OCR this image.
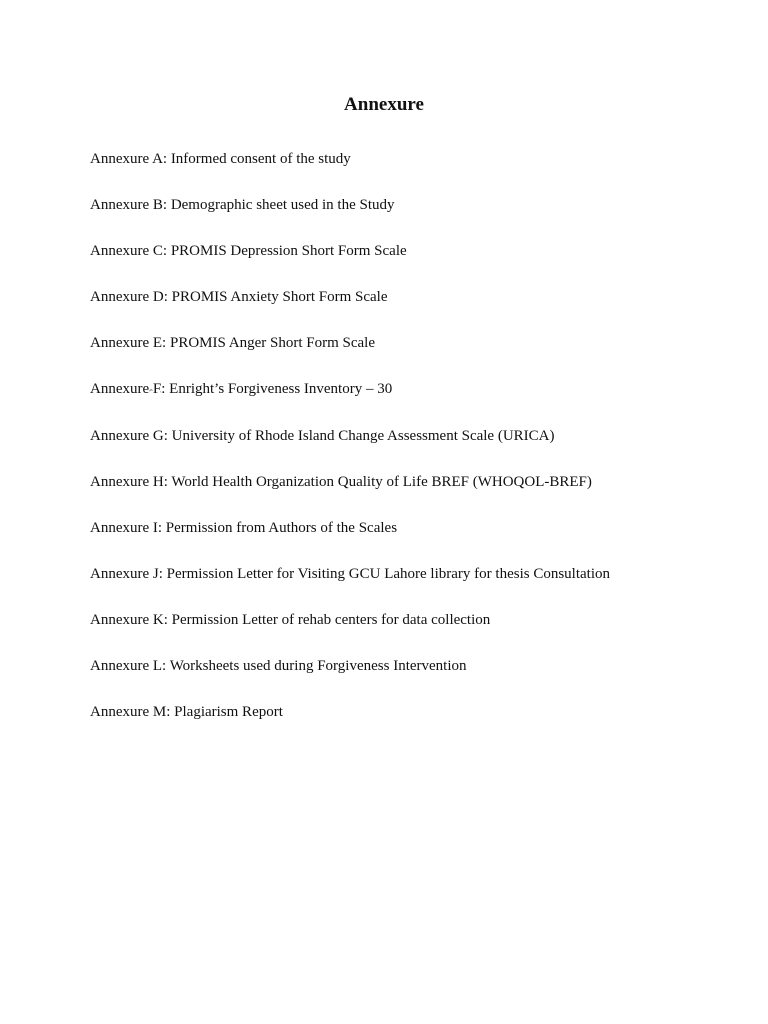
Annexure
Annexure A: Informed consent of the study
Annexure B: Demographic sheet used in the Study
Annexure C: PROMIS Depression Short Form Scale
Annexure D: PROMIS Anxiety Short Form Scale
Annexure E: PROMIS Anger Short Form Scale
Annexure F: Enright’s Forgiveness Inventory – 30
Annexure G: University of Rhode Island Change Assessment Scale (URICA)
Annexure H: World Health Organization Quality of Life BREF (WHOQOL-BREF)
Annexure I: Permission from Authors of the Scales
Annexure J: Permission Letter for Visiting GCU Lahore library for thesis Consultation
Annexure K: Permission Letter of rehab centers for data collection
Annexure L: Worksheets used during Forgiveness Intervention
Annexure M: Plagiarism Report
